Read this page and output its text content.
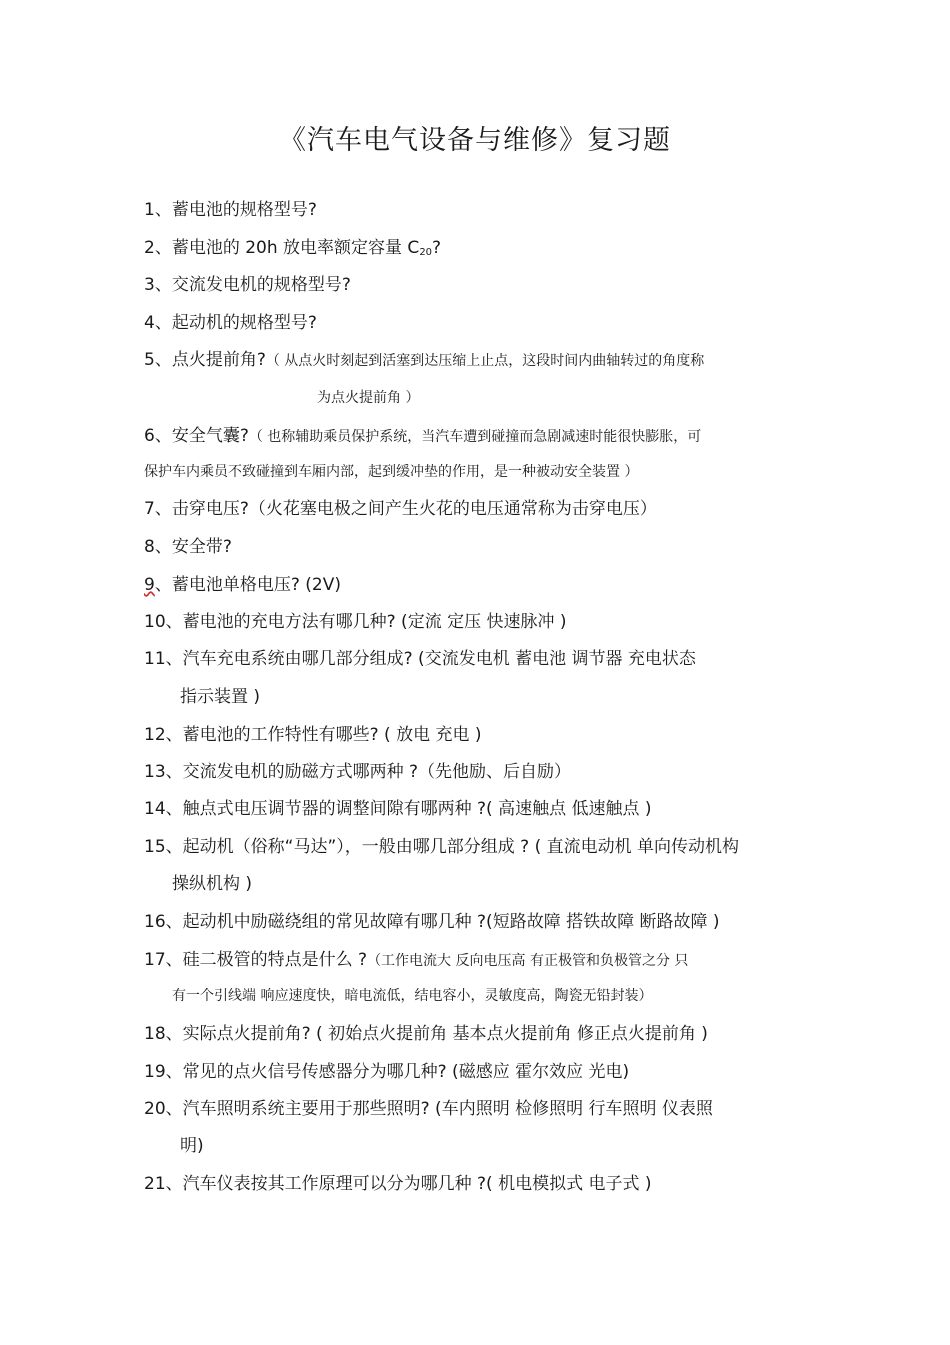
《汽车电气设备与维修》复习题
1、蓄电池的规格型号?
2、蓄电池的 20h 放电率额定容量 $C_{20}$?
3、交流发电机的规格型号?
4、起动机的规格型号?
5、点火提前角?（ 从点火时刻起到活塞到达压缩上止点，这段时间内曲轴转过的角度称
为点火提前角 ）
6、安全气囊?（ 也称辅助乘员保护系统，当汽车遭到碰撞而急剧减速时能很快膨胀，可
保护车内乘员不致碰撞到车厢内部，起到缓冲垫的作用，是一种被动安全装置 ）
7、击穿电压?（火花塞电极之间产生火花的电压通常称为击穿电压）
8、安全带?
9、蓄电池单格电压? (2V)
10、蓄电池的充电方法有哪几种? (定流 定压 快速脉冲 )
11、汽车充电系统由哪几部分组成? (交流发电机 蓄电池 调节器 充电状态
指示装置 )
12、蓄电池的工作特性有哪些? ( 放电 充电 )
13、交流发电机的励磁方式哪两种 ?（先他励、后自励）
14、触点式电压调节器的调整间隙有哪两种 ?( 高速触点 低速触点 )
15、起动机（俗称“马达”），一般由哪几部分组成 ? ( 直流电动机 单向传动机构
操纵机构 )
16、起动机中励磁绕组的常见故障有哪几种 ?(短路故障 搭铁故障 断路故障 )
17、硅二极管的特点是什么 ?（工作电流大 反向电压高 有正极管和负极管之分 只
有一个引线端 响应速度快，暗电流低，结电容小，灵敏度高，陶瓷无铅封装）
18、实际点火提前角? ( 初始点火提前角 基本点火提前角 修正点火提前角 )
19、常见的点火信号传感器分为哪几种? (磁感应 霍尔效应 光电)
20、汽车照明系统主要用于那些照明? (车内照明 检修照明 行车照明 仪表照
明)
21、汽车仪表按其工作原理可以分为哪几种 ?( 机电模拟式 电子式 )
